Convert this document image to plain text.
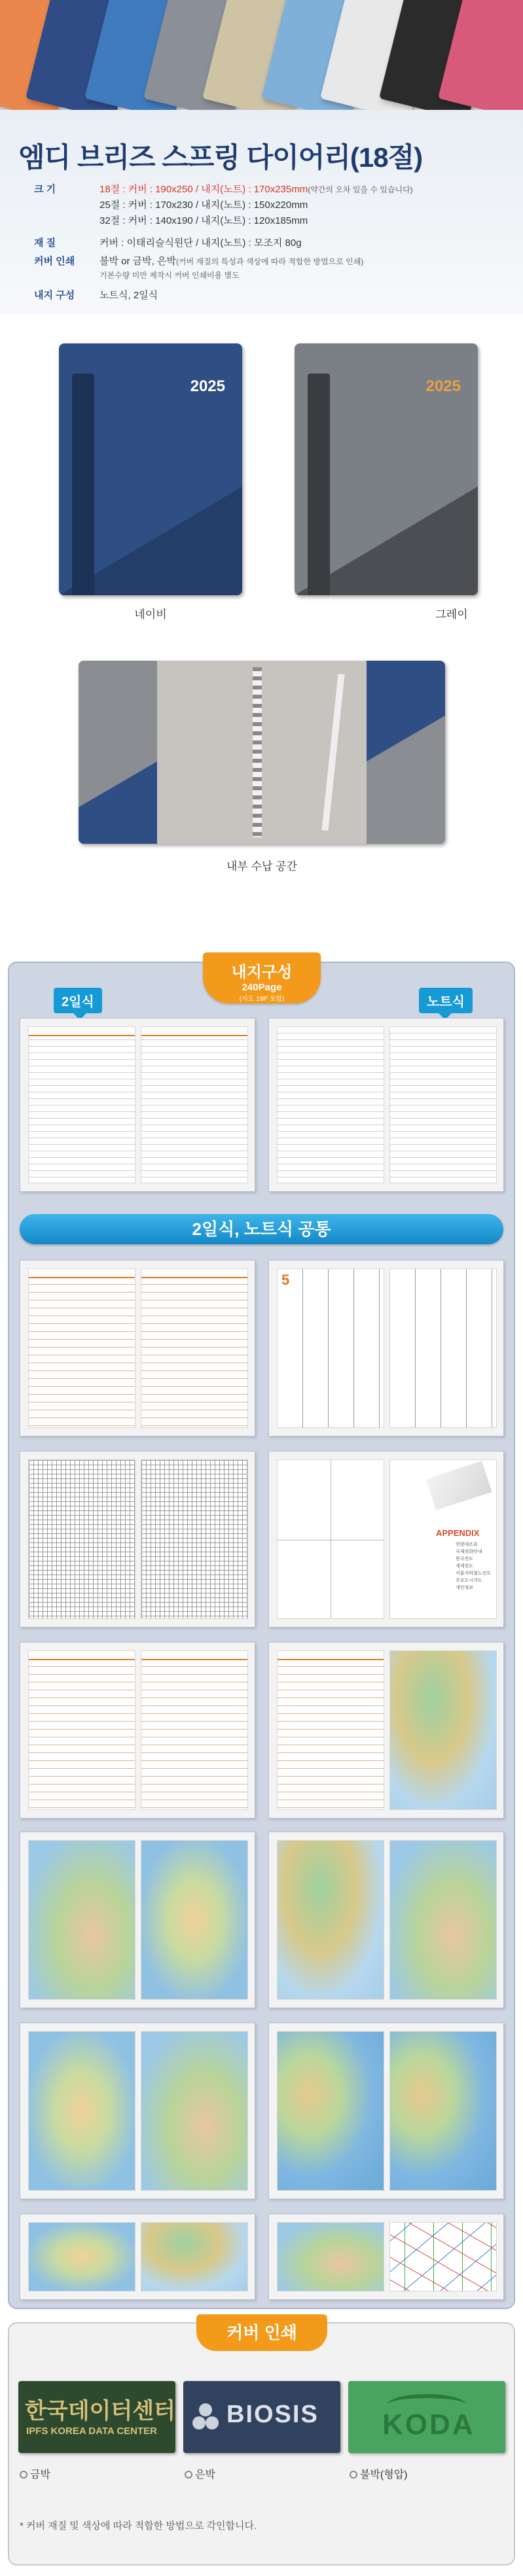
엠디 브리즈 스프링 다이어리(18절)
크 기	18절 : 커버 : 190x250 / 내지(노트) : 170x235mm(약간의 오차 있을 수 있습니다)
25절 : 커버 : 170x230 / 내지(노트) : 150x220mm
32절 : 커버 : 140x190 / 내지(노트) : 120x185mm
재 질	커버 : 이태리슬식원단 / 내지(노트) : 모조지 80g
커버 인쇄	불박 or 금박, 은박(커버 재질의 특성과 색상에 따라 적합한 방법으로 인쇄)
기본수량 미만 제작시 커버 인쇄비용 별도
내지 구성	노트식, 2일식
2025
네이비
2025
그레이
내부 수납 공간
내지구성
240Page
(지도 19P 포함)
2일식	노트식
2일식, 노트식 공통
5
APPENDIX
연령대조표
국제전화안내
한국전도
세계전도
서울지하철노선도
주요도시지도
개인정보
커버 인쇄
한국데이터센터
IPFS KOREA DATA CENTER
금박
BIOSIS
은박
KODA
불박(형압)
* 커버 재질 및 색상에 따라 적합한 방법으로 각인합니다.
